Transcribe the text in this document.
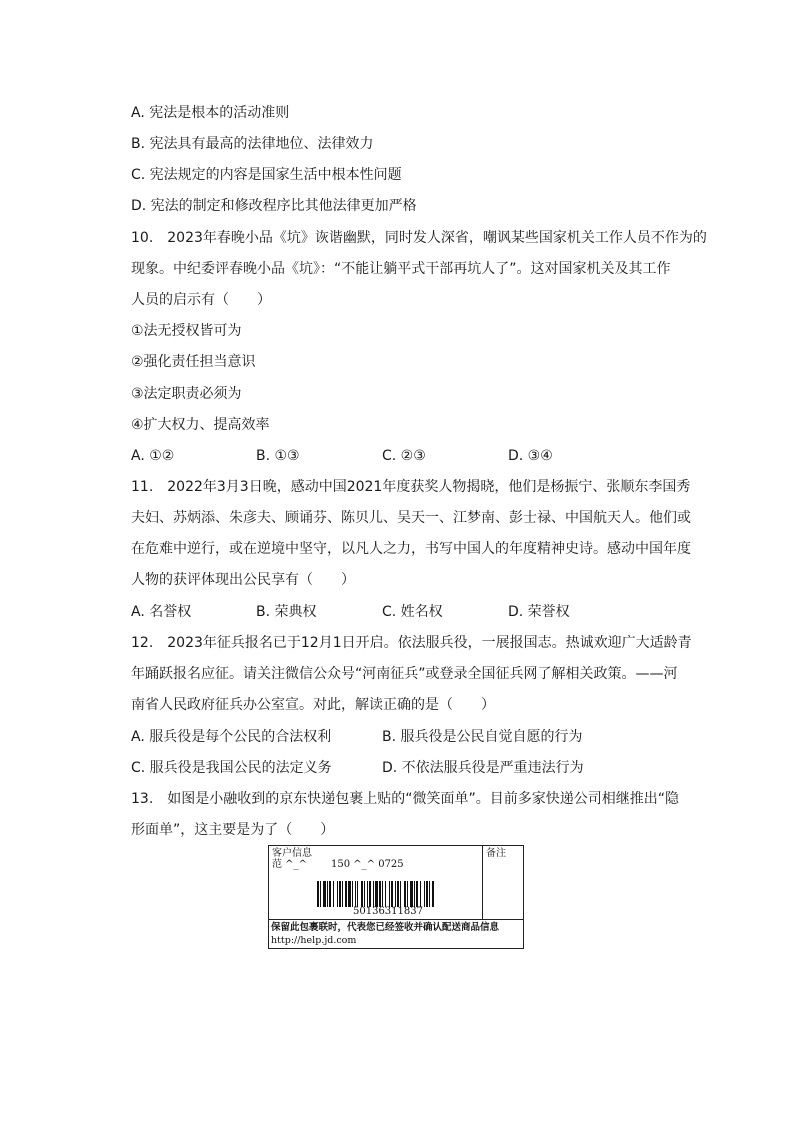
A. 宪法是根本的活动准则
B. 宪法具有最高的法律地位、法律效力
C. 宪法规定的内容是国家生活中根本性问题
D. 宪法的制定和修改程序比其他法律更加严格
10.　2023年春晚小品《坑》诙谐幽默，同时发人深省，嘲讽某些国家机关工作人员不作为的
现象。中纪委评春晚小品《坑》：“不能让躺平式干部再坑人了”。这对国家机关及其工作
人员的启示有（　　）
①法无授权皆可为
②强化责任担当意识
③法定职责必须为
④扩大权力、提高效率
A. ①②	B. ①③	C. ②③	D. ③④
11.　2022年3月3日晚，感动中国2021年度获奖人物揭晓，他们是杨振宁、张顺东李国秀
夫妇、苏炳添、朱彦夫、顾诵芬、陈贝儿、吴天一、江梦南、彭士禄、中国航天人。他们或
在危难中逆行，或在逆境中坚守，以凡人之力，书写中国人的年度精神史诗。感动中国年度
人物的获评体现出公民享有（　　）
A. 名誉权	B. 荣典权	C. 姓名权	D. 荣誉权
12.　2023年征兵报名已于12月1日开启。依法服兵役，一展报国志。热诚欢迎广大适龄青
年踊跃报名应征。请关注微信公众号“河南征兵”或登录全国征兵网了解相关政策。——河
南省人民政府征兵办公室宣。对此，解读正确的是（　　）
A. 服兵役是每个公民的合法权利	B. 服兵役是公民自觉自愿的行为
C. 服兵役是我国公民的法定义务	D. 不依法服兵役是严重违法行为
13.　如图是小融收到的京东快递包裹上贴的“微笑面单”。目前多家快递公司相继推出“隐
形面单”，这主要是为了（　　）
客户信息
范 ^_^ 150 ^_^ 0725
备注
50136311837
保留此包裹联时，代表您已经签收并确认配送商品信息
http://help.jd.com
